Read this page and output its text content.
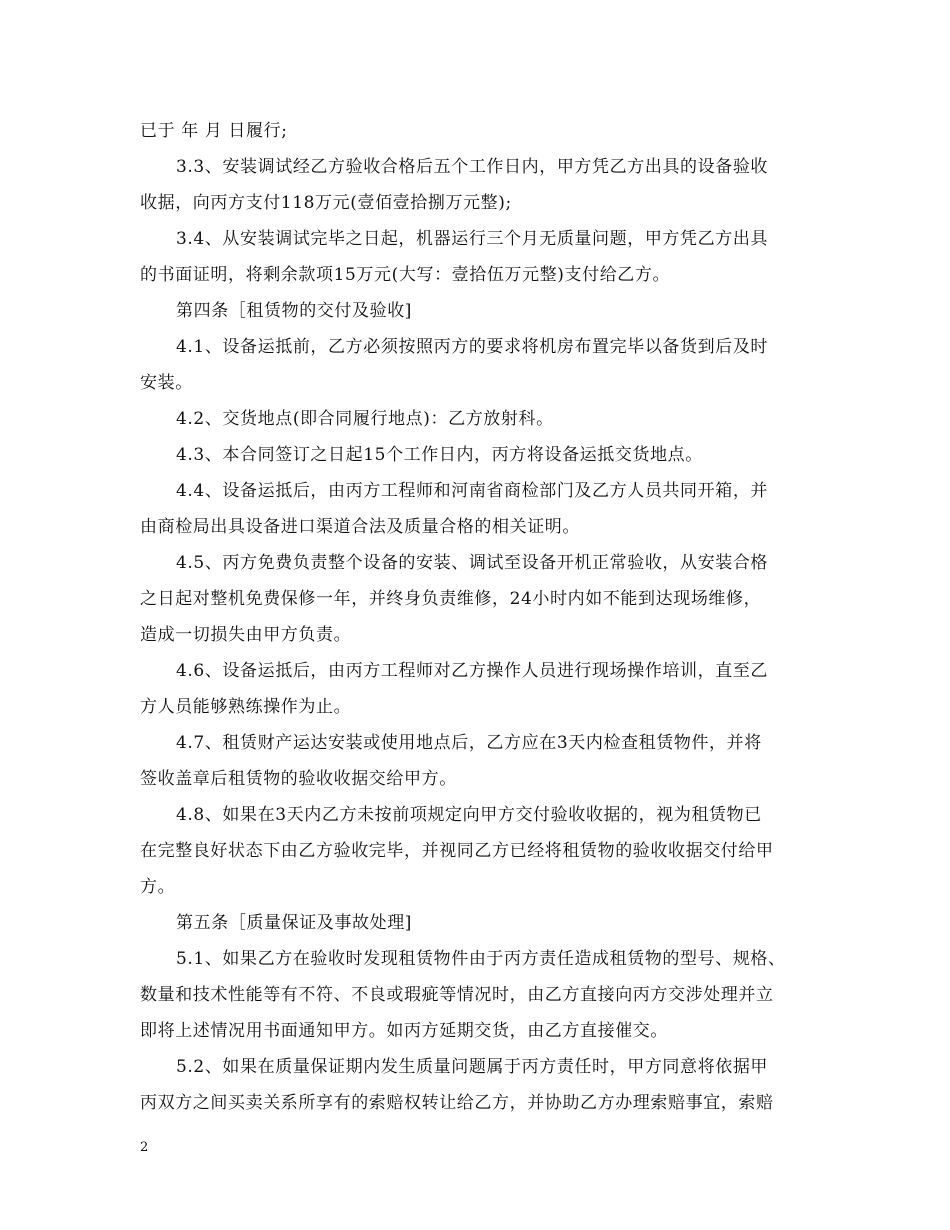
已于 年 月 日履行;
3.3、安装调试经乙方验收合格后五个工作日内，甲方凭乙方出具的设备验收
收据，向丙方支付118万元(壹佰壹拾捌万元整);
3.4、从安装调试完毕之日起，机器运行三个月无质量问题，甲方凭乙方出具
的书面证明，将剩余款项15万元(大写：壹拾伍万元整)支付给乙方。
第四条［租赁物的交付及验收]
4.1、设备运抵前，乙方必须按照丙方的要求将机房布置完毕以备货到后及时
安装。
4.2、交货地点(即合同履行地点)：乙方放射科。
4.3、本合同签订之日起15个工作日内，丙方将设备运抵交货地点。
4.4、设备运抵后，由丙方工程师和河南省商检部门及乙方人员共同开箱，并
由商检局出具设备进口渠道合法及质量合格的相关证明。
4.5、丙方免费负责整个设备的安装、调试至设备开机正常验收，从安装合格
之日起对整机免费保修一年，并终身负责维修，24小时内如不能到达现场维修，
造成一切损失由甲方负责。
4.6、设备运抵后，由丙方工程师对乙方操作人员进行现场操作培训，直至乙
方人员能够熟练操作为止。
4.7、租赁财产运达安装或使用地点后，乙方应在3天内检查租赁物件，并将
签收盖章后租赁物的验收收据交给甲方。
4.8、如果在3天内乙方未按前项规定向甲方交付验收收据的，视为租赁物已
在完整良好状态下由乙方验收完毕，并视同乙方已经将租赁物的验收收据交付给甲
方。
第五条［质量保证及事故处理]
5.1、如果乙方在验收时发现租赁物件由于丙方责任造成租赁物的型号、规格、
数量和技术性能等有不符、不良或瑕疵等情况时，由乙方直接向丙方交涉处理并立
即将上述情况用书面通知甲方。如丙方延期交货，由乙方直接催交。
5.2、如果在质量保证期内发生质量问题属于丙方责任时，甲方同意将依据甲
丙双方之间买卖关系所享有的索赔权转让给乙方，并协助乙方办理索赔事宜，索赔
2
